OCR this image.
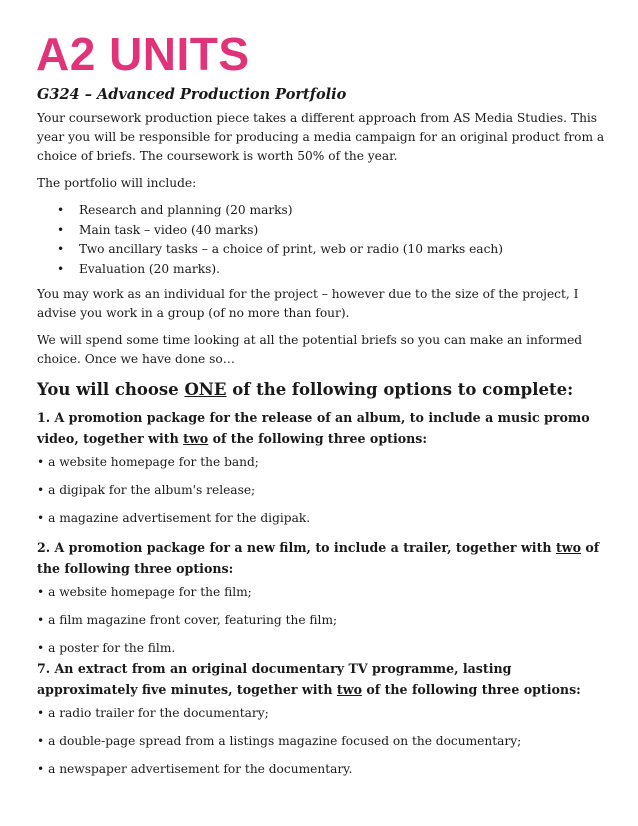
A2 UNITS
G324 – Advanced Production Portfolio

Your coursework production piece takes a different approach from AS Media Studies. This year you will be responsible for producing a media campaign for an original product from a choice of briefs. The coursework is worth 50% of the year.

The portfolio will include:

• Research and planning (20 marks)
• Main task – video (40 marks)
• Two ancillary tasks – a choice of print, web or radio (10 marks each)
• Evaluation (20 marks).

You may work as an individual for the project – however due to the size of the project, I advise you work in a group (of no more than four).

We will spend some time looking at all the potential briefs so you can make an informed choice. Once we have done so…

You will choose ONE of the following options to complete:
1. A promotion package for the release of an album, to include a music promo video, together with two of the following three options:
• a website homepage for the band;
• a digipak for the album's release;
• a magazine advertisement for the digipak.
2. A promotion package for a new film, to include a trailer, together with two of the following three options:
• a website homepage for the film;
• a film magazine front cover, featuring the film;
• a poster for the film.
7. An extract from an original documentary TV programme, lasting approximately five minutes, together with two of the following three options:
• a radio trailer for the documentary;
• a double-page spread from a listings magazine focused on the documentary;
• a newspaper advertisement for the documentary.
